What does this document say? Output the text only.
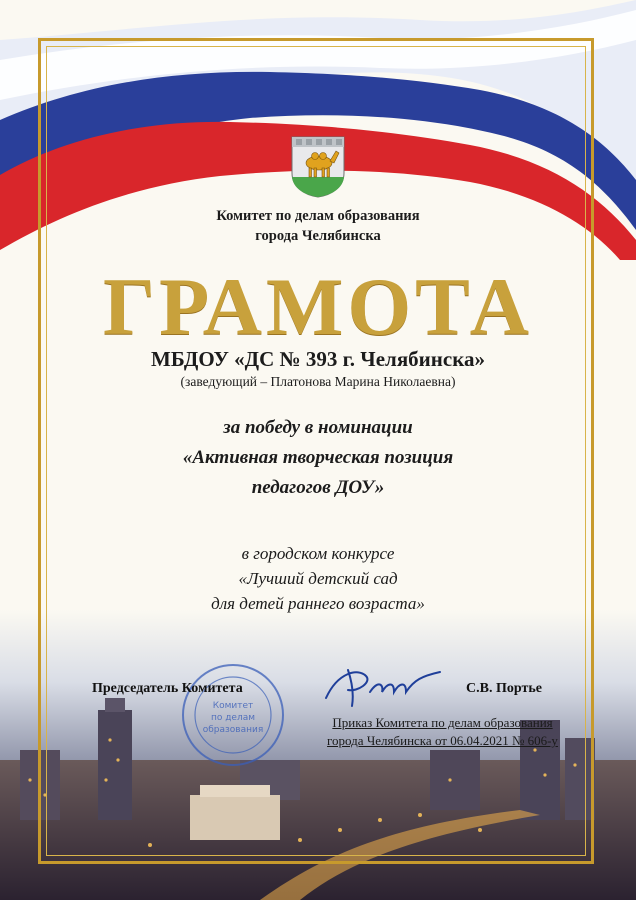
Комитет по делам образования
города Челябинска
ГРАМОТА
МБДОУ «ДС № 393 г. Челябинска»
(заведующий – Платонова Марина Николаевна)
за победу в номинации
«Активная творческая позиция
педагогов ДОУ»
в городском конкурсе
«Лучший детский сад
для детей раннего возраста»
Комитет
по делам
образования
Председатель Комитета	С.В. Портье
Приказ Комитета по делам образования
города Челябинска от 06.04.2021 № 606-у
